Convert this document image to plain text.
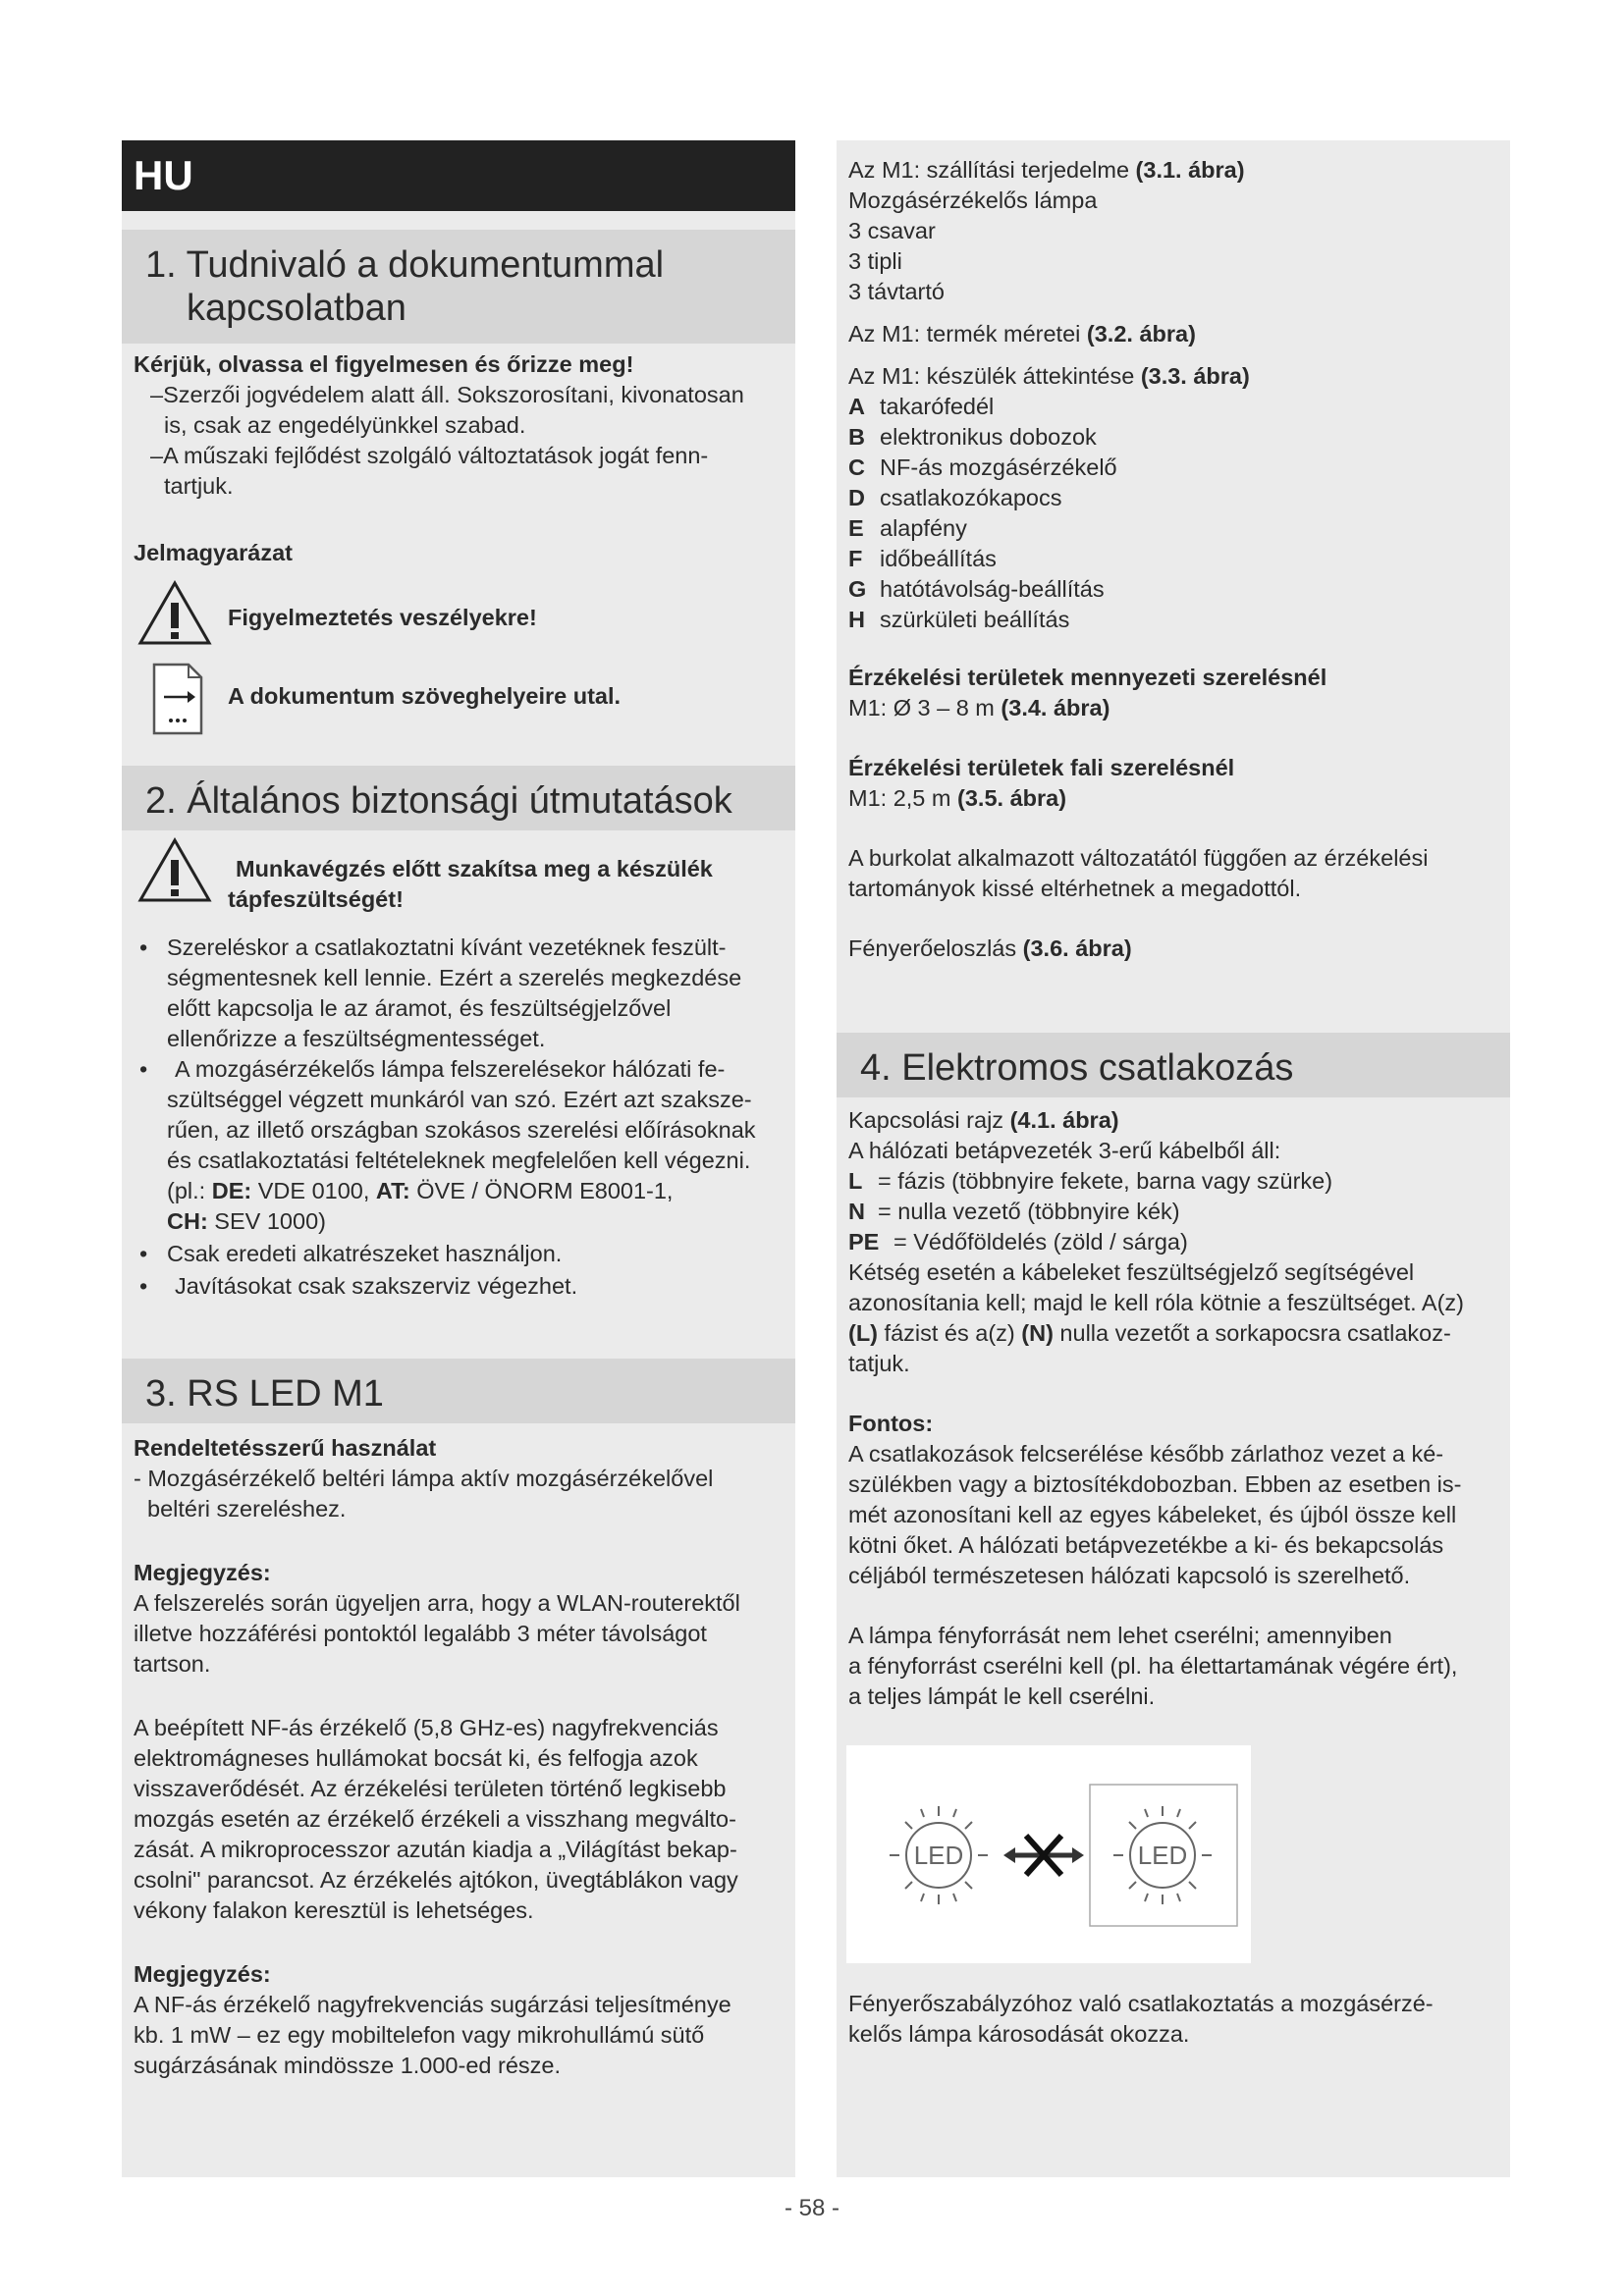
HU
1. Tudnivaló a dokumentummal
kapcsolatban
Kérjük, olvassa el figyelmesen és őrizze meg!
–Szerzői jogvédelem alatt áll. Sokszorosítani, kivonatosan
is, csak az engedélyünkkel szabad.
–A műszaki fejlődést szolgáló változtatások jogát fenn-
tartjuk.
Jelmagyarázat
Figyelmeztetés veszélyekre!
A dokumentum szöveghelyeire utal.
2. Általános biztonsági útmutatások
Munkavégzés előtt szakítsa meg a készülék
tápfeszültségét!
• Szereléskor a csatlakoztatni kívánt vezetéknek feszült-
ségmentesnek kell lennie. Ezért a szerelés megkezdése
előtt kapcsolja le az áramot, és feszültségjelzővel
ellenőrizze a feszültségmentességet.
• A mozgásérzékelős lámpa felszerelésekor hálózati fe-
szültséggel végzett munkáról van szó. Ezért azt szaksze-
rűen, az illető országban szokásos szerelési előírásoknak
és csatlakoztatási feltételeknek megfelelően kell végezni.
(pl.: DE: VDE 0100, AT: ÖVE / ÖNORM E8001-1,
CH: SEV 1000)
• Csak eredeti alkatrészeket használjon.
• Javításokat csak szakszerviz végezhet.
3. RS LED M1
Rendeltetésszerű használat
- Mozgásérzékelő beltéri lámpa aktív mozgásérzékelővel
beltéri szereléshez.
Megjegyzés:
A felszerelés során ügyeljen arra, hogy a WLAN-routerektől
illetve hozzáférési pontoktól legalább 3 méter távolságot
tartson.
A beépített NF-ás érzékelő (5,8 GHz-es) nagyfrekvenciás
elektromágneses hullámokat bocsát ki, és felfogja azok
visszaverődését. Az érzékelési területen történő legkisebb
mozgás esetén az érzékelő érzékeli a visszhang megválto-
zását. A mikroprocesszor azután kiadja a „Világítást bekap-
csolni" parancsot. Az érzékelés ajtókon, üvegtáblákon vagy
vékony falakon keresztül is lehetséges.
Megjegyzés:
A NF-ás érzékelő nagyfrekvenciás sugárzási teljesítménye
kb. 1 mW – ez egy mobiltelefon vagy mikrohullámú sütő
sugárzásának mindössze 1.000-ed része.
Az M1: szállítási terjedelme (3.1. ábra)
Mozgásérzékelős lámpa
3 csavar
3 tipli
3 távtartó
Az M1: termék méretei (3.2. ábra)
Az M1: készülék áttekintése (3.3. ábra)
A takarófedél
B elektronikus dobozok
C NF-ás mozgásérzékelő
D csatlakozókapocs
E alapfény
F időbeállítás
G hatótávolság-beállítás
H szürkületi beállítás
Érzékelési területek mennyezeti szerelésnél
M1: Ø 3 – 8 m (3.4. ábra)
Érzékelési területek fali szerelésnél
M1: 2,5 m (3.5. ábra)
A burkolat alkalmazott változatától függően az érzékelési
tartományok kissé eltérhetnek a megadottól.
Fényerőeloszlás (3.6. ábra)
4. Elektromos csatlakozás
Kapcsolási rajz (4.1. ábra)
A hálózati betápvezeték 3-erű kábelből áll:
L = fázis (többnyire fekete, barna vagy szürke)
N = nulla vezető (többnyire kék)
PE = Védőföldelés (zöld / sárga)
Kétség esetén a kábeleket feszültségjelző segítségével
azonosítania kell; majd le kell róla kötnie a feszültséget. A(z)
(L) fázist és a(z) (N) nulla vezetőt a sorkapocsra csatlakoz-
tatjuk.
Fontos:
A csatlakozások felcserélése később zárlathoz vezet a ké-
szülékben vagy a biztosítékdobozban. Ebben az esetben is-
mét azonosítani kell az egyes kábeleket, és újból össze kell
kötni őket. A hálózati betápvezetékbe a ki- és bekapcsolás
céljából természetesen hálózati kapcsoló is szerelhető.
A lámpa fényforrását nem lehet cserélni; amennyiben
a fényforrást cserélni kell (pl. ha élettartamának végére ért),
a teljes lámpát le kell cserélni.
LED	LED
Fényerőszabályzóhoz való csatlakoztatás a mozgásérzé-
kelős lámpa károsodását okozza.
- 58 -
